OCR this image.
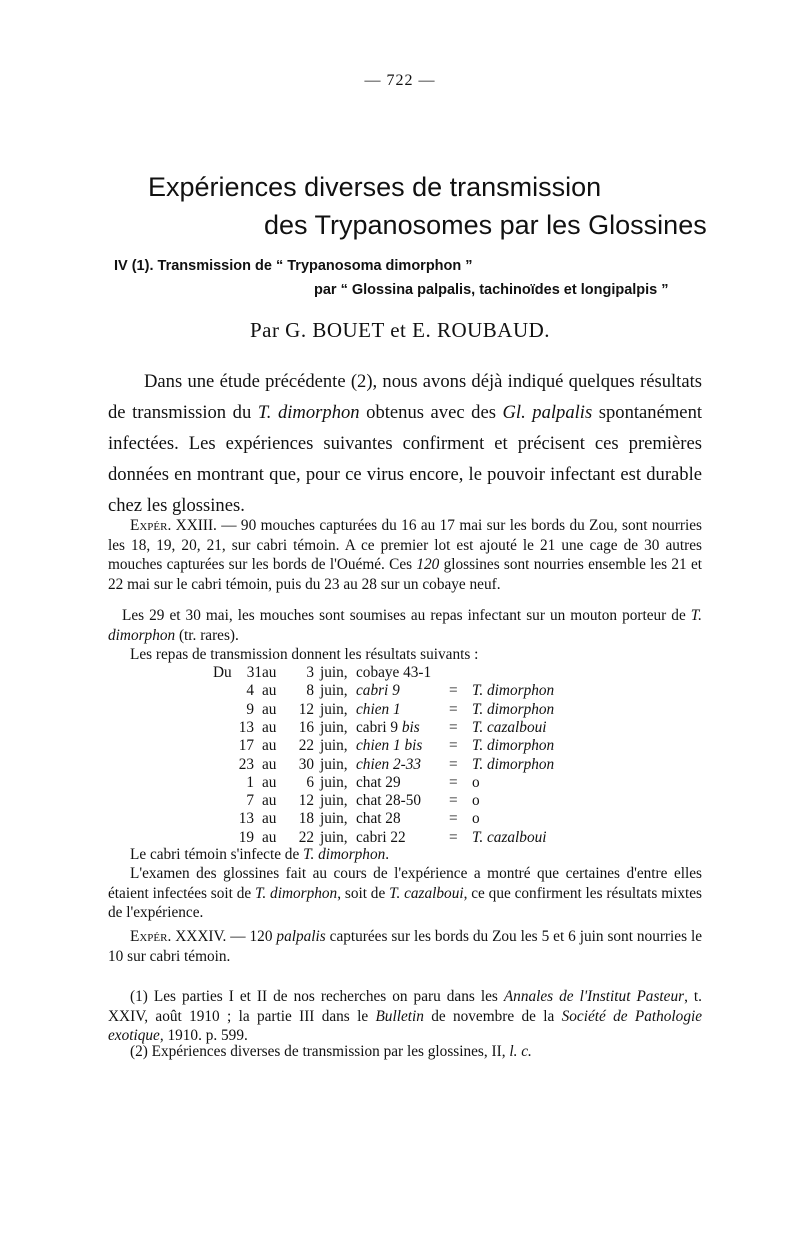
— 722 —
Expériences diverses de transmission
des Trypanosomes par les Glossines
IV (1). Transmission de “ Trypanosoma dimorphon ”
par “ Glossina palpalis, tachinoïdes et longipalpis ”
Par G. BOUET et E. ROUBAUD.

Dans une étude précédente (2), nous avons déjà indiqué quelques résultats de transmission du T. dimorphon obtenus avec des Gl. palpalis spontanément infectées. Les expériences suivantes confirment et précisent ces premières données en montrant que, pour ce virus encore, le pouvoir infectant est durable chez les glossines.

Expér. XXIII. — 90 mouches capturées du 16 au 17 mai sur les bords du Zou, sont nourries les 18, 19, 20, 21, sur cabri témoin. A ce premier lot est ajouté le 21 une cage de 30 autres mouches capturées sur les bords de l'Ouémé. Ces 120 glossines sont nourries ensemble les 21 et 22 mai sur le cabri témoin, puis du 23 au 28 sur un cobaye neuf.

Les 29 et 30 mai, les mouches sont soumises au repas infectant sur un mouton porteur de T. dimorphon (tr. rares).

Les repas de transmission donnent les résultats suivants :

Du 31 au	3 juin, cobaye 43-1
4 au	8 juin, cabri 9	= T. dimorphon
9 au	12 juin, chien 1	= T. dimorphon
13 au	16 juin, cabri 9 bis = T. cazalboui
17 au	22 juin, chien 1 bis = T. dimorphon
23 au	30 juin, chien 2-33 = T. dimorphon
1 au	6 juin, chat 29	= o
7 au	12 juin, chat 28-50 = o
13 au	18 juin, chat 28	= o
19 au	22 juin, cabri 22	= T. cazalboui

Le cabri témoin s'infecte de T. dimorphon.

L'examen des glossines fait au cours de l'expérience a montré que certaines d'entre elles étaient infectées soit de T. dimorphon, soit de T. cazalboui, ce que confirment les résultats mixtes de l'expérience.

Expér. XXXIV. — 120 palpalis capturées sur les bords du Zou les 5 et 6 juin sont nourries le 10 sur cabri témoin.

(1) Les parties I et II de nos recherches on paru dans les Annales de l'Institut Pasteur, t. XXIV, août 1910 ; la partie III dans le Bulletin de novembre de la Société de Pathologie exotique, 1910. p. 599.

(2) Expériences diverses de transmission par les glossines, II, l. c.
